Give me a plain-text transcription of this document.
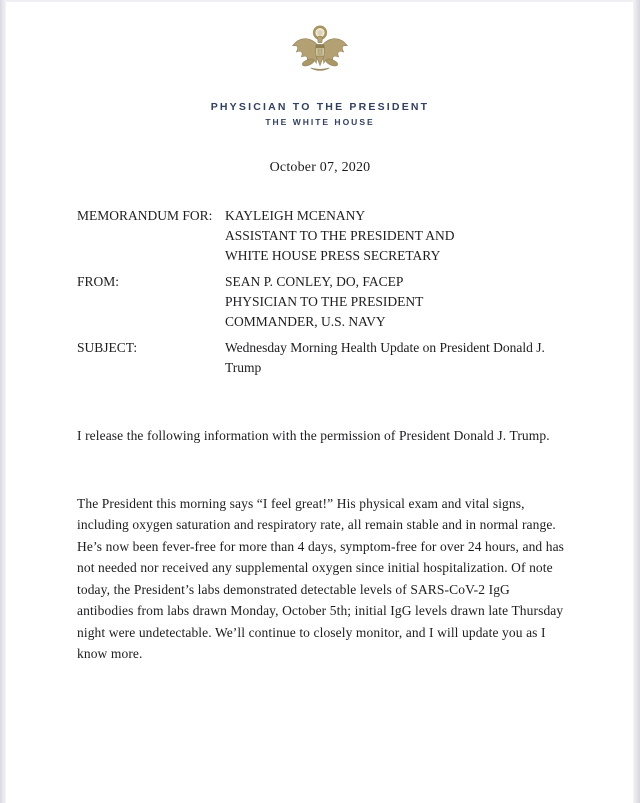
PHYSICIAN TO THE PRESIDENT
THE WHITE HOUSE
October 07, 2020
MEMORANDUM FOR: KAYLEIGH MCENANY
ASSISTANT TO THE PRESIDENT AND
WHITE HOUSE PRESS SECRETARY
FROM:	SEAN P. CONLEY, DO, FACEP
PHYSICIAN TO THE PRESIDENT
COMMANDER, U.S. NAVY
SUBJECT:	Wednesday Morning Health Update on President Donald J. Trump

I release the following information with the permission of President Donald J. Trump.

The President this morning says “I feel great!” His physical exam and vital signs, including oxygen saturation and respiratory rate, all remain stable and in normal range. He’s now been fever-free for more than 4 days, symptom-free for over 24 hours, and has not needed nor received any supplemental oxygen since initial hospitalization. Of note today, the President’s labs demonstrated detectable levels of SARS-CoV-2 IgG antibodies from labs drawn Monday, October 5th; initial IgG levels drawn late Thursday night were undetectable. We’ll continue to closely monitor, and I will update you as I know more.
